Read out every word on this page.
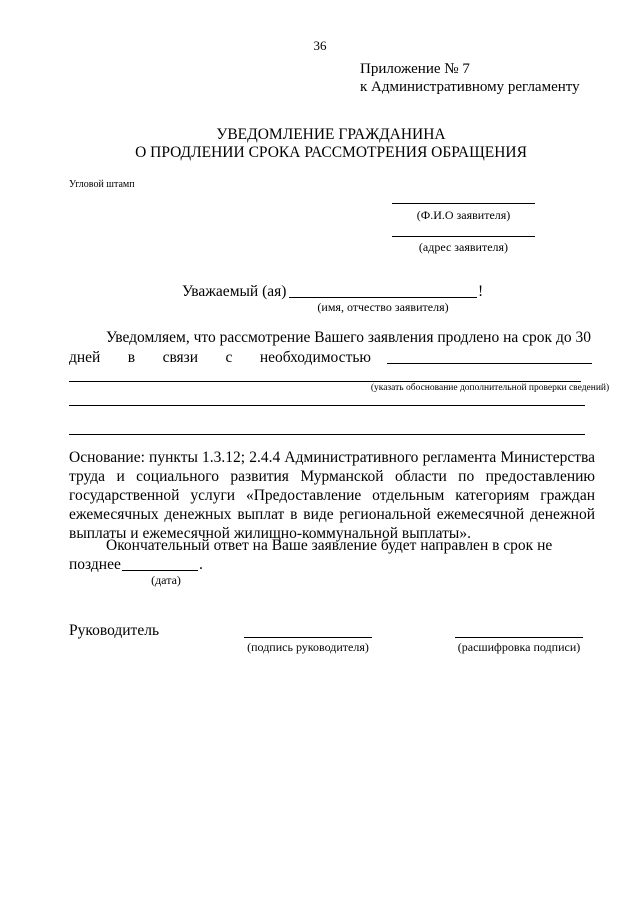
36
Приложение № 7
к Административному регламенту
УВЕДОМЛЕНИЕ ГРАЖДАНИНА
О ПРОДЛЕНИИ СРОКА РАССМОТРЕНИЯ ОБРАЩЕНИЯ
Угловой штамп
(Ф.И.О заявителя)
(адрес заявителя)
Уважаемый (ая)	!
(имя, отчество заявителя)
Уведомляем, что рассмотрение Вашего заявления продлено на срок до 30
дней в связи с необходимостью
(указать обоснование дополнительной проверки сведений)
Основание: пункты 1.3.12; 2.4.4 Административного регламента Министерства труда и социального развития Мурманской области по предоставлению государственной услуги «Предоставление отдельным категориям граждан ежемесячных денежных выплат в виде региональной ежемесячной денежной выплаты и ежемесячной жилищно-коммунальной выплаты».
Окончательный ответ на Ваше заявление будет направлен в срок не
позднее	.
(дата)
Руководитель
(подпись руководителя)	(расшифровка подписи)
